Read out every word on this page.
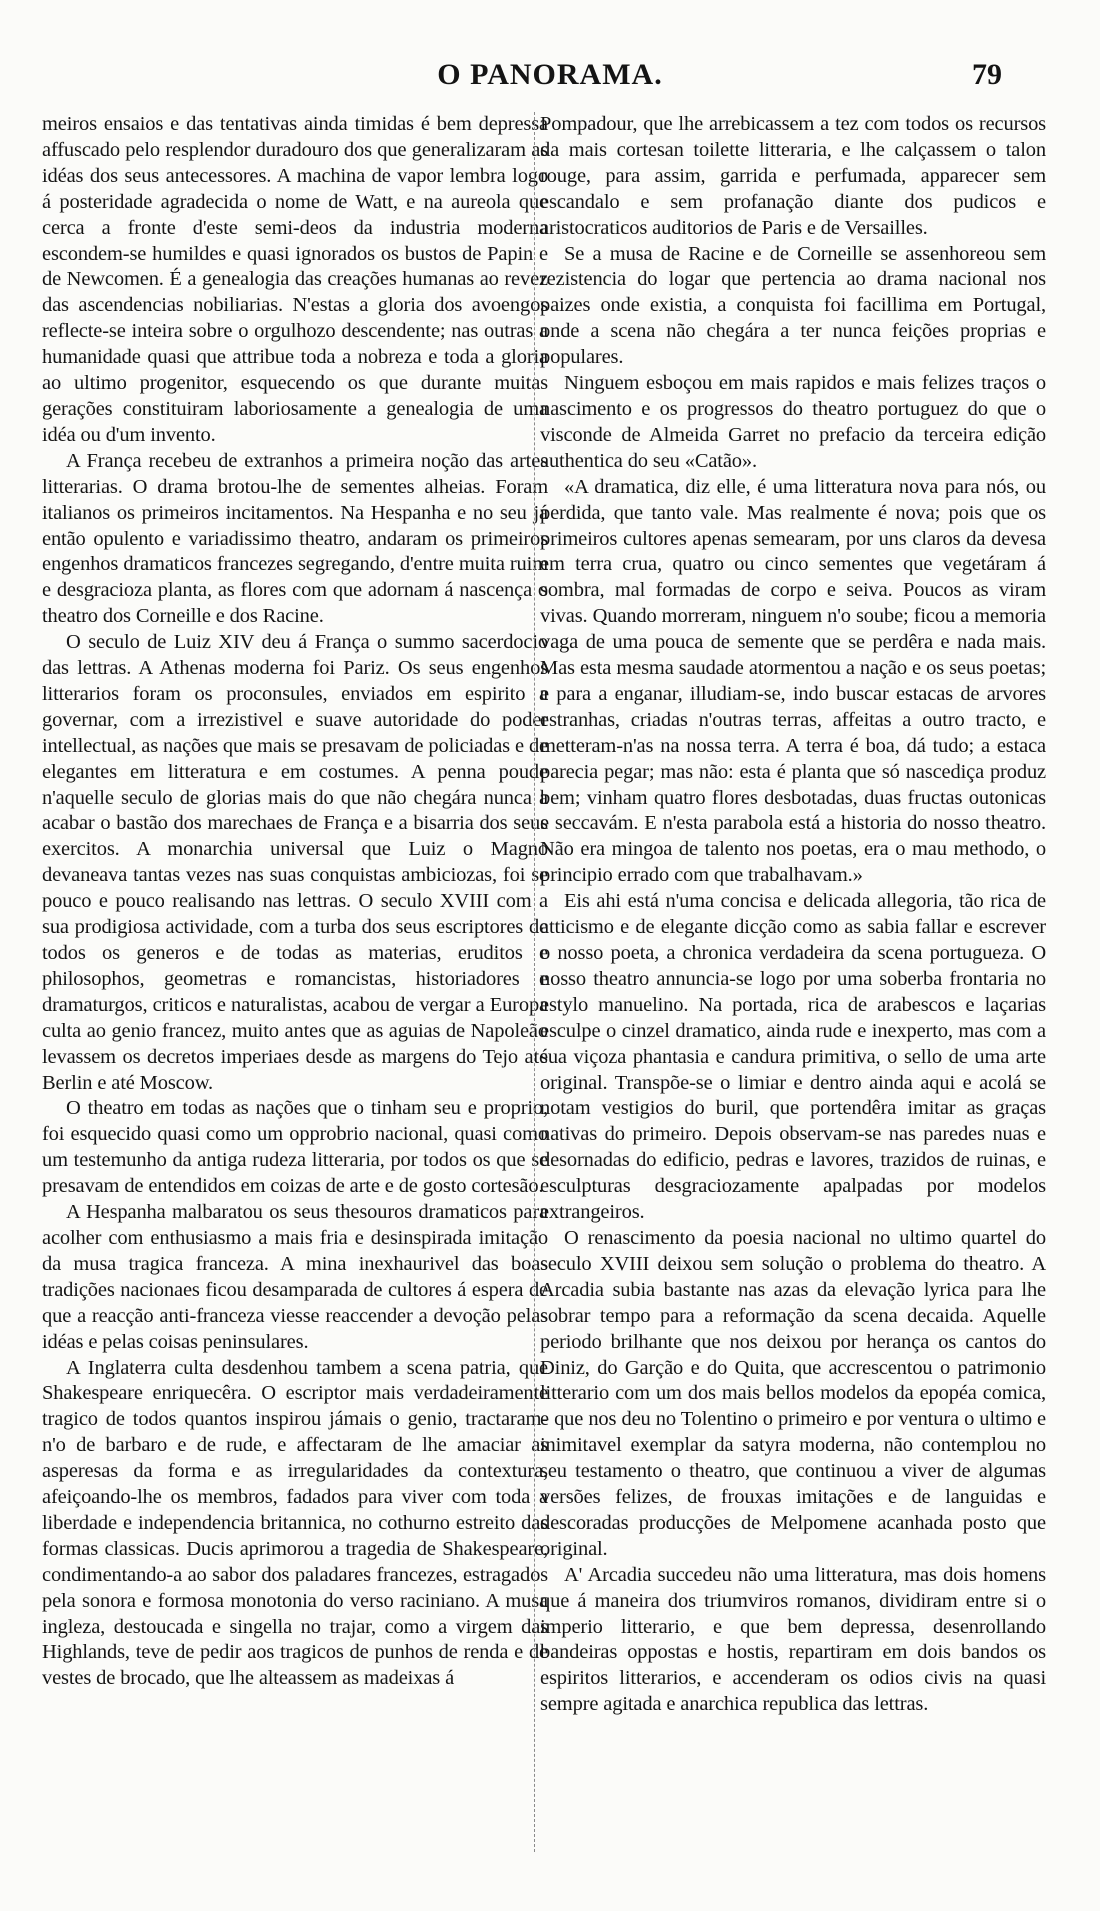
O PANORAMA.	79

meiros ensaios e das tentativas ainda timidas é bem depressa affuscado pelo resplendor duradouro dos que generalizaram as idéas dos seus antecessores. A machina de vapor lembra logo á posteridade agradecida o nome de Watt, e na aureola que cerca a fronte d'este semi-deos da industria moderna escondem-se humildes e quasi ignorados os bustos de Papin e de Newcomen. É a genealogia das creações humanas ao revez das ascendencias nobiliarias. N'estas a gloria dos avoengos reflecte-se inteira sobre o orgulhozo descendente; nas outras a humanidade quasi que attribue toda a nobreza e toda a gloria ao ultimo progenitor, esquecendo os que durante muitas gerações constituiram laboriosamente a genealogia de uma idéa ou d'um invento.

A França recebeu de extranhos a primeira noção das artes litterarias. O drama brotou-lhe de sementes alheias. Foram italianos os primeiros incitamentos. Na Hespanha e no seu já então opulento e variadissimo theatro, andaram os primeiros engenhos dramaticos francezes segregando, d'entre muita ruim e desgracioza planta, as flores com que adornam á nascença o theatro dos Corneille e dos Racine.

O seculo de Luiz XIV deu á França o summo sacerdocio das lettras. A Athenas moderna foi Pariz. Os seus engenhos litterarios foram os proconsules, enviados em espirito a governar, com a irrezistivel e suave autoridade do poder intellectual, as nações que mais se presavam de policiadas e de elegantes em litteratura e em costumes. A penna poude n'aquelle seculo de glorias mais do que não chegára nunca a acabar o bastão dos marechaes de França e a bisarria dos seus exercitos. A monarchia universal que Luiz o Magno devaneava tantas vezes nas suas conquistas ambiciozas, foi se pouco e pouco realisando nas lettras. O seculo XVIII com a sua prodigiosa actividade, com a turba dos seus escriptores de todos os generos e de todas as materias, eruditos e philosophos, geometras e romancistas, historiadores e dramaturgos, criticos e naturalistas, acabou de vergar a Europa culta ao genio francez, muito antes que as aguias de Napoleão levassem os decretos imperiaes desde as margens do Tejo até Berlin e até Moscow.

O theatro em todas as nações que o tinham seu e proprio, foi esquecido quasi como um opprobrio nacional, quasi como um testemunho da antiga rudeza litteraria, por todos os que se presavam de entendidos em coizas de arte e de gosto cortesão.

A Hespanha malbaratou os seus thesouros dramaticos para acolher com enthusiasmo a mais fria e desinspirada imitação da musa tragica franceza. A mina inexhaurivel das boas tradições nacionaes ficou desamparada de cultores á espera de que a reacção anti-franceza viesse reaccender a devoção pelas idéas e pelas coisas peninsulares.

A Inglaterra culta desdenhou tambem a scena patria, que Shakespeare enriquecêra. O escriptor mais verdadeiramente tragico de todos quantos inspirou jámais o genio, tractaram-n'o de barbaro e de rude, e affectaram de lhe amaciar as asperesas da forma e as irregularidades da contextura, afeiçoando-lhe os membros, fadados para viver com toda a liberdade e independencia britannica, no cothurno estreito das formas classicas. Ducis aprimorou a tragedia de Shakespeare, condimentando-a ao sabor dos paladares francezes, estragados pela sonora e formosa monotonia do verso raciniano. A musa ingleza, destoucada e singella no trajar, como a virgem das Highlands, teve de pedir aos tragicos de punhos de renda e de vestes de brocado, que lhe alteassem as madeixas á

Pompadour, que lhe arrebicassem a tez com todos os recursos da mais cortesan toilette litteraria, e lhe calçassem o talon rouge, para assim, garrida e perfumada, apparecer sem escandalo e sem profanação diante dos pudicos e aristocraticos auditorios de Paris e de Versailles.

Se a musa de Racine e de Corneille se assenhoreou sem rezistencia do logar que pertencia ao drama nacional nos paizes onde existia, a conquista foi facillima em Portugal, onde a scena não chegára a ter nunca feições proprias e populares.

Ninguem esboçou em mais rapidos e mais felizes traços o nascimento e os progressos do theatro portuguez do que o visconde de Almeida Garret no prefacio da terceira edição authentica do seu «Catão».

«A dramatica, diz elle, é uma litteratura nova para nós, ou perdida, que tanto vale. Mas realmente é nova; pois que os primeiros cultores apenas semearam, por uns claros da devesa em terra crua, quatro ou cinco sementes que vegetáram á sombra, mal formadas de corpo e seiva. Poucos as viram vivas. Quando morreram, ninguem n'o soube; ficou a memoria vaga de uma pouca de semente que se perdêra e nada mais. Mas esta mesma saudade atormentou a nação e os seus poetas; e para a enganar, illudiam-se, indo buscar estacas de arvores estranhas, criadas n'outras terras, affeitas a outro tracto, e metteram-n'as na nossa terra. A terra é boa, dá tudo; a estaca parecia pegar; mas não: esta é planta que só nascediça produz bem; vinham quatro flores desbotadas, duas fructas outonicas e seccavám. E n'esta parabola está a historia do nosso theatro. Não era mingoa de talento nos poetas, era o mau methodo, o principio errado com que trabalhavam.»

Eis ahi está n'uma concisa e delicada allegoria, tão rica de atticismo e de elegante dicção como as sabia fallar e escrever o nosso poeta, a chronica verdadeira da scena portugueza. O nosso theatro annuncia-se logo por uma soberba frontaria no estylo manuelino. Na portada, rica de arabescos e laçarias esculpe o cinzel dramatico, ainda rude e inexperto, mas com a sua viçoza phantasia e candura primitiva, o sello de uma arte original. Transpõe-se o limiar e dentro ainda aqui e acolá se notam vestigios do buril, que portendêra imitar as graças nativas do primeiro. Depois observam-se nas paredes nuas e desornadas do edificio, pedras e lavores, trazidos de ruinas, e esculpturas desgraciozamente apalpadas por modelos extrangeiros.

O renascimento da poesia nacional no ultimo quartel do seculo XVIII deixou sem solução o problema do theatro. A Arcadia subia bastante nas azas da elevação lyrica para lhe sobrar tempo para a reformação da scena decaida. Aquelle periodo brilhante que nos deixou por herança os cantos do Diniz, do Garção e do Quita, que accrescentou o patrimonio litterario com um dos mais bellos modelos da epopéa comica, e que nos deu no Tolentino o primeiro e por ventura o ultimo e inimitavel exemplar da satyra moderna, não contemplou no seu testamento o theatro, que continuou a viver de algumas versões felizes, de frouxas imitações e de languidas e descoradas producções de Melpomene acanhada posto que original.

A' Arcadia succedeu não uma litteratura, mas dois homens que á maneira dos triumviros romanos, dividiram entre si o imperio litterario, e que bem depressa, desenrollando bandeiras oppostas e hostis, repartiram em dois bandos os espiritos litterarios, e accenderam os odios civis na quasi sempre agitada e anarchica republica das lettras.
